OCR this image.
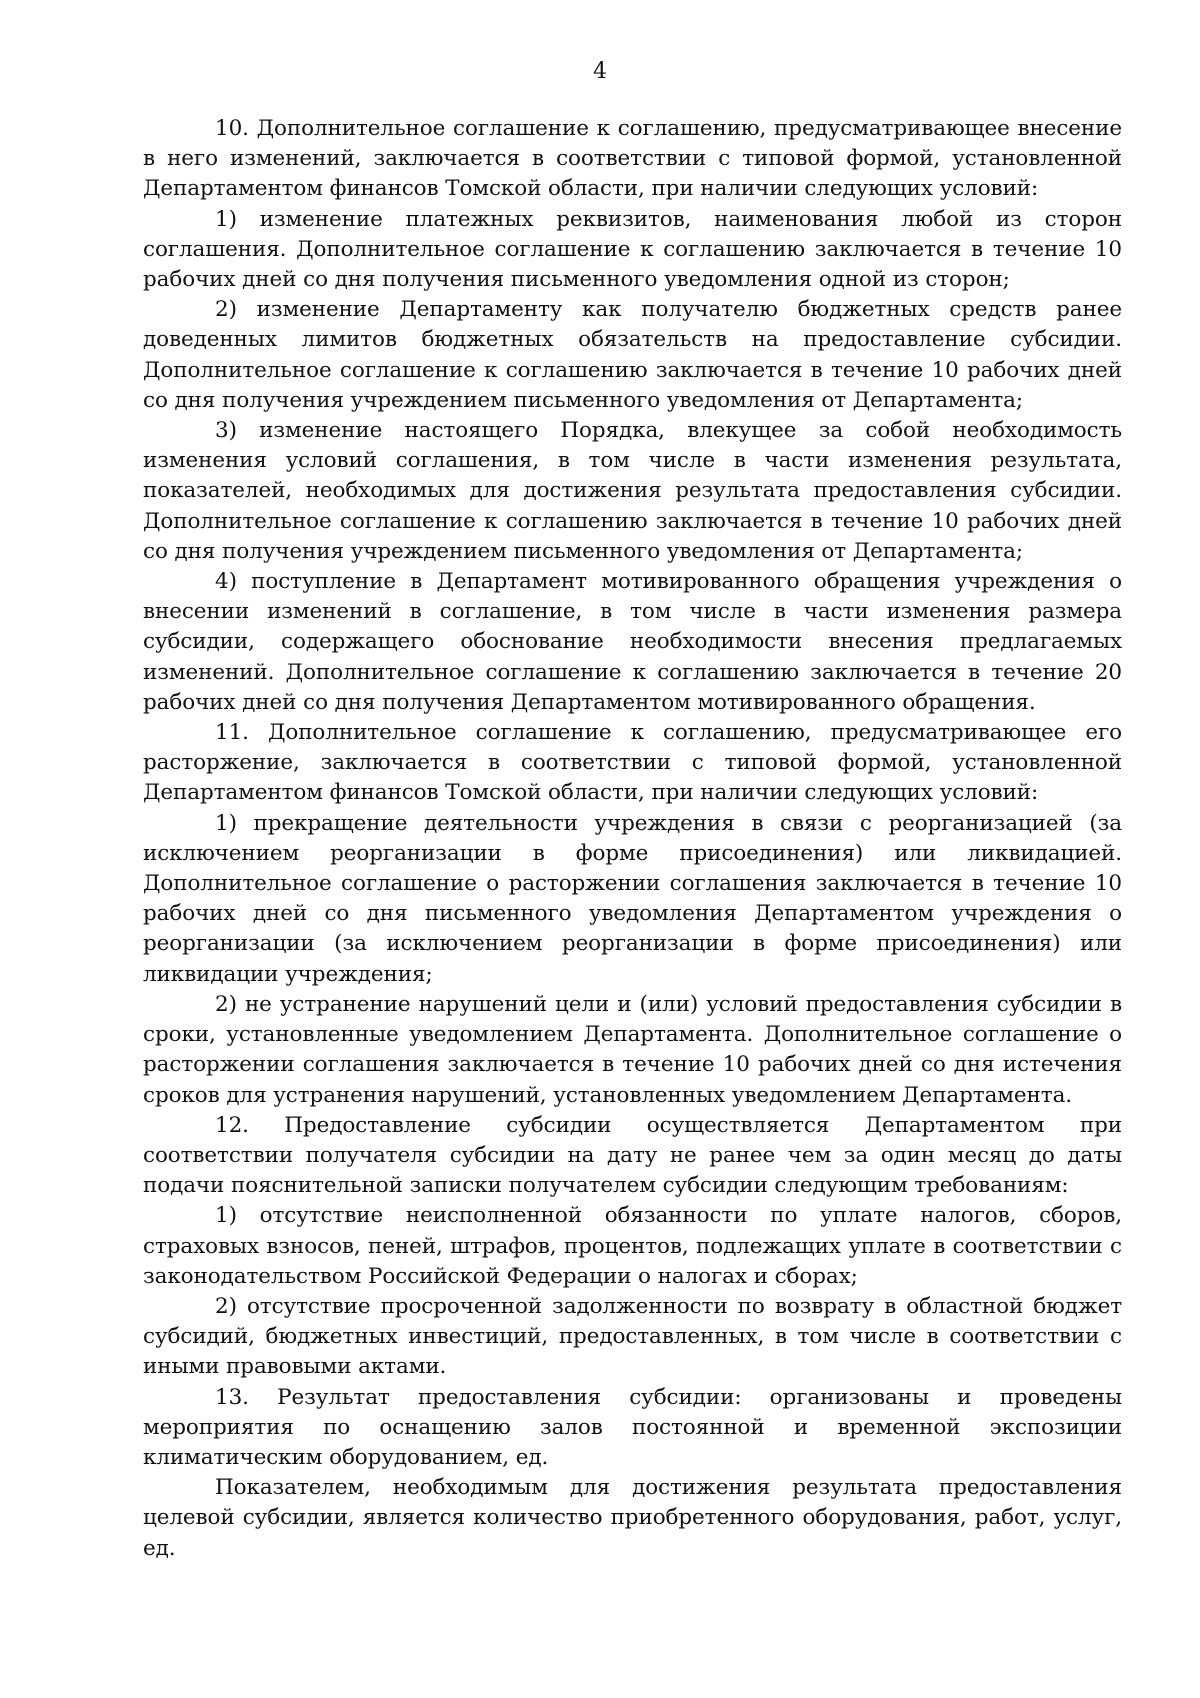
4

10. Дополнительное соглашение к соглашению, предусматривающее внесение в него изменений, заключается в соответствии с типовой формой, установленной Департаментом финансов Томской области, при наличии следующих условий:

1) изменение платежных реквизитов, наименования любой из сторон соглашения. Дополнительное соглашение к соглашению заключается в течение 10 рабочих дней со дня получения письменного уведомления одной из сторон;

2) изменение Департаменту как получателю бюджетных средств ранее доведенных лимитов бюджетных обязательств на предоставление субсидии. Дополнительное соглашение к соглашению заключается в течение 10 рабочих дней со дня получения учреждением письменного уведомления от Департамента;

3) изменение настоящего Порядка, влекущее за собой необходимость изменения условий соглашения, в том числе в части изменения результата, показателей, необходимых для достижения результата предоставления субсидии. Дополнительное соглашение к соглашению заключается в течение 10 рабочих дней со дня получения учреждением письменного уведомления от Департамента;

4) поступление в Департамент мотивированного обращения учреждения о внесении изменений в соглашение, в том числе в части изменения размера субсидии, содержащего обоснование необходимости внесения предлагаемых изменений. Дополнительное соглашение к соглашению заключается в течение 20 рабочих дней со дня получения Департаментом мотивированного обращения.

11. Дополнительное соглашение к соглашению, предусматривающее его расторжение, заключается в соответствии с типовой формой, установленной Департаментом финансов Томской области, при наличии следующих условий:

1) прекращение деятельности учреждения в связи с реорганизацией (за исключением реорганизации в форме присоединения) или ликвидацией. Дополнительное соглашение о расторжении соглашения заключается в течение 10 рабочих дней со дня письменного уведомления Департаментом учреждения о реорганизации (за исключением реорганизации в форме присоединения) или ликвидации учреждения;

2) не устранение нарушений цели и (или) условий предоставления субсидии в сроки, установленные уведомлением Департамента. Дополнительное соглашение о расторжении соглашения заключается в течение 10 рабочих дней со дня истечения сроков для устранения нарушений, установленных уведомлением Департамента.

12. Предоставление субсидии осуществляется Департаментом при соответствии получателя субсидии на дату не ранее чем за один месяц до даты подачи пояснительной записки получателем субсидии следующим требованиям:

1) отсутствие неисполненной обязанности по уплате налогов, сборов, страховых взносов, пеней, штрафов, процентов, подлежащих уплате в соответствии с законодательством Российской Федерации о налогах и сборах;

2) отсутствие просроченной задолженности по возврату в областной бюджет субсидий, бюджетных инвестиций, предоставленных, в том числе в соответствии с иными правовыми актами.

13. Результат предоставления субсидии: организованы и проведены мероприятия по оснащению залов постоянной и временной экспозиции климатическим оборудованием, ед.

Показателем, необходимым для достижения результата предоставления целевой субсидии, является количество приобретенного оборудования, работ, услуг, ед.
